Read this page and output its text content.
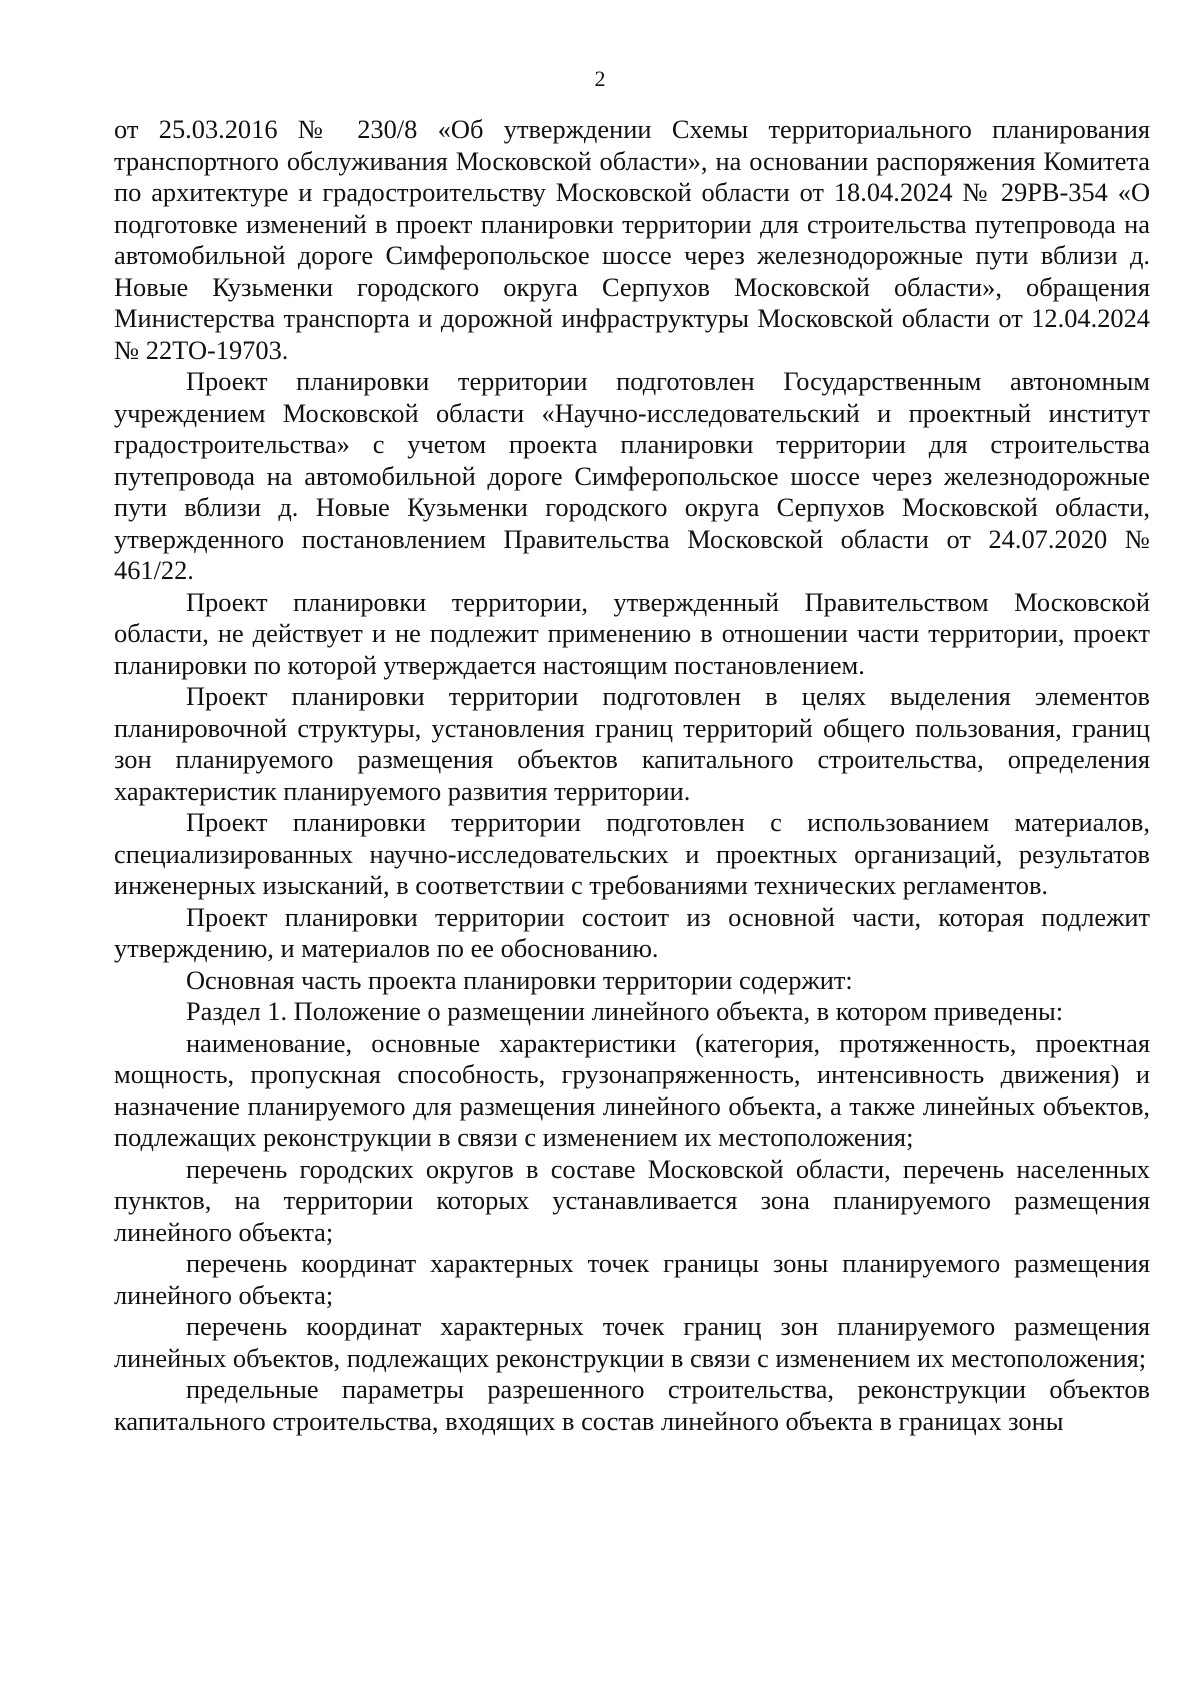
2

от 25.03.2016 № 230/8 «Об утверждении Схемы территориального планирования транспортного обслуживания Московской области», на основании распоряжения Комитета по архитектуре и градостроительству Московской области от 18.04.2024 № 29РВ-354 «О подготовке изменений в проект планировки территории для строительства путепровода на автомобильной дороге Симферопольское шоссе через железнодорожные пути вблизи д. Новые Кузьменки городского округа Серпухов Московской области», обращения Министерства транспорта и дорожной инфраструктуры Московской области от 12.04.2024 № 22ТО-19703.

Проект планировки территории подготовлен Государственным автономным учреждением Московской области «Научно-исследовательский и проектный институт градостроительства» с учетом проекта планировки территории для строительства путепровода на автомобильной дороге Симферопольское шоссе через железнодорожные пути вблизи д. Новые Кузьменки городского округа Серпухов Московской области, утвержденного постановлением Правительства Московской области от 24.07.2020 № 461/22.

Проект планировки территории, утвержденный Правительством Московской области, не действует и не подлежит применению в отношении части территории, проект планировки по которой утверждается настоящим постановлением.

Проект планировки территории подготовлен в целях выделения элементов планировочной структуры, установления границ территорий общего пользования, границ зон планируемого размещения объектов капитального строительства, определения характеристик планируемого развития территории.

Проект планировки территории подготовлен с использованием материалов, специализированных научно-исследовательских и проектных организаций, результатов инженерных изысканий, в соответствии с требованиями технических регламентов.

Проект планировки территории состоит из основной части, которая подлежит утверждению, и материалов по ее обоснованию.

Основная часть проекта планировки территории содержит:

Раздел 1. Положение о размещении линейного объекта, в котором приведены:

наименование, основные характеристики (категория, протяженность, проектная мощность, пропускная способность, грузонапряженность, интенсивность движения) и назначение планируемого для размещения линейного объекта, а также линейных объектов, подлежащих реконструкции в связи с изменением их местоположения;

перечень городских округов в составе Московской области, перечень населенных пунктов, на территории которых устанавливается зона планируемого размещения линейного объекта;

перечень координат характерных точек границы зоны планируемого размещения линейного объекта;

перечень координат характерных точек границ зон планируемого размещения линейных объектов, подлежащих реконструкции в связи с изменением их местоположения;

предельные параметры разрешенного строительства, реконструкции объектов капитального строительства, входящих в состав линейного объекта в границах зоны
